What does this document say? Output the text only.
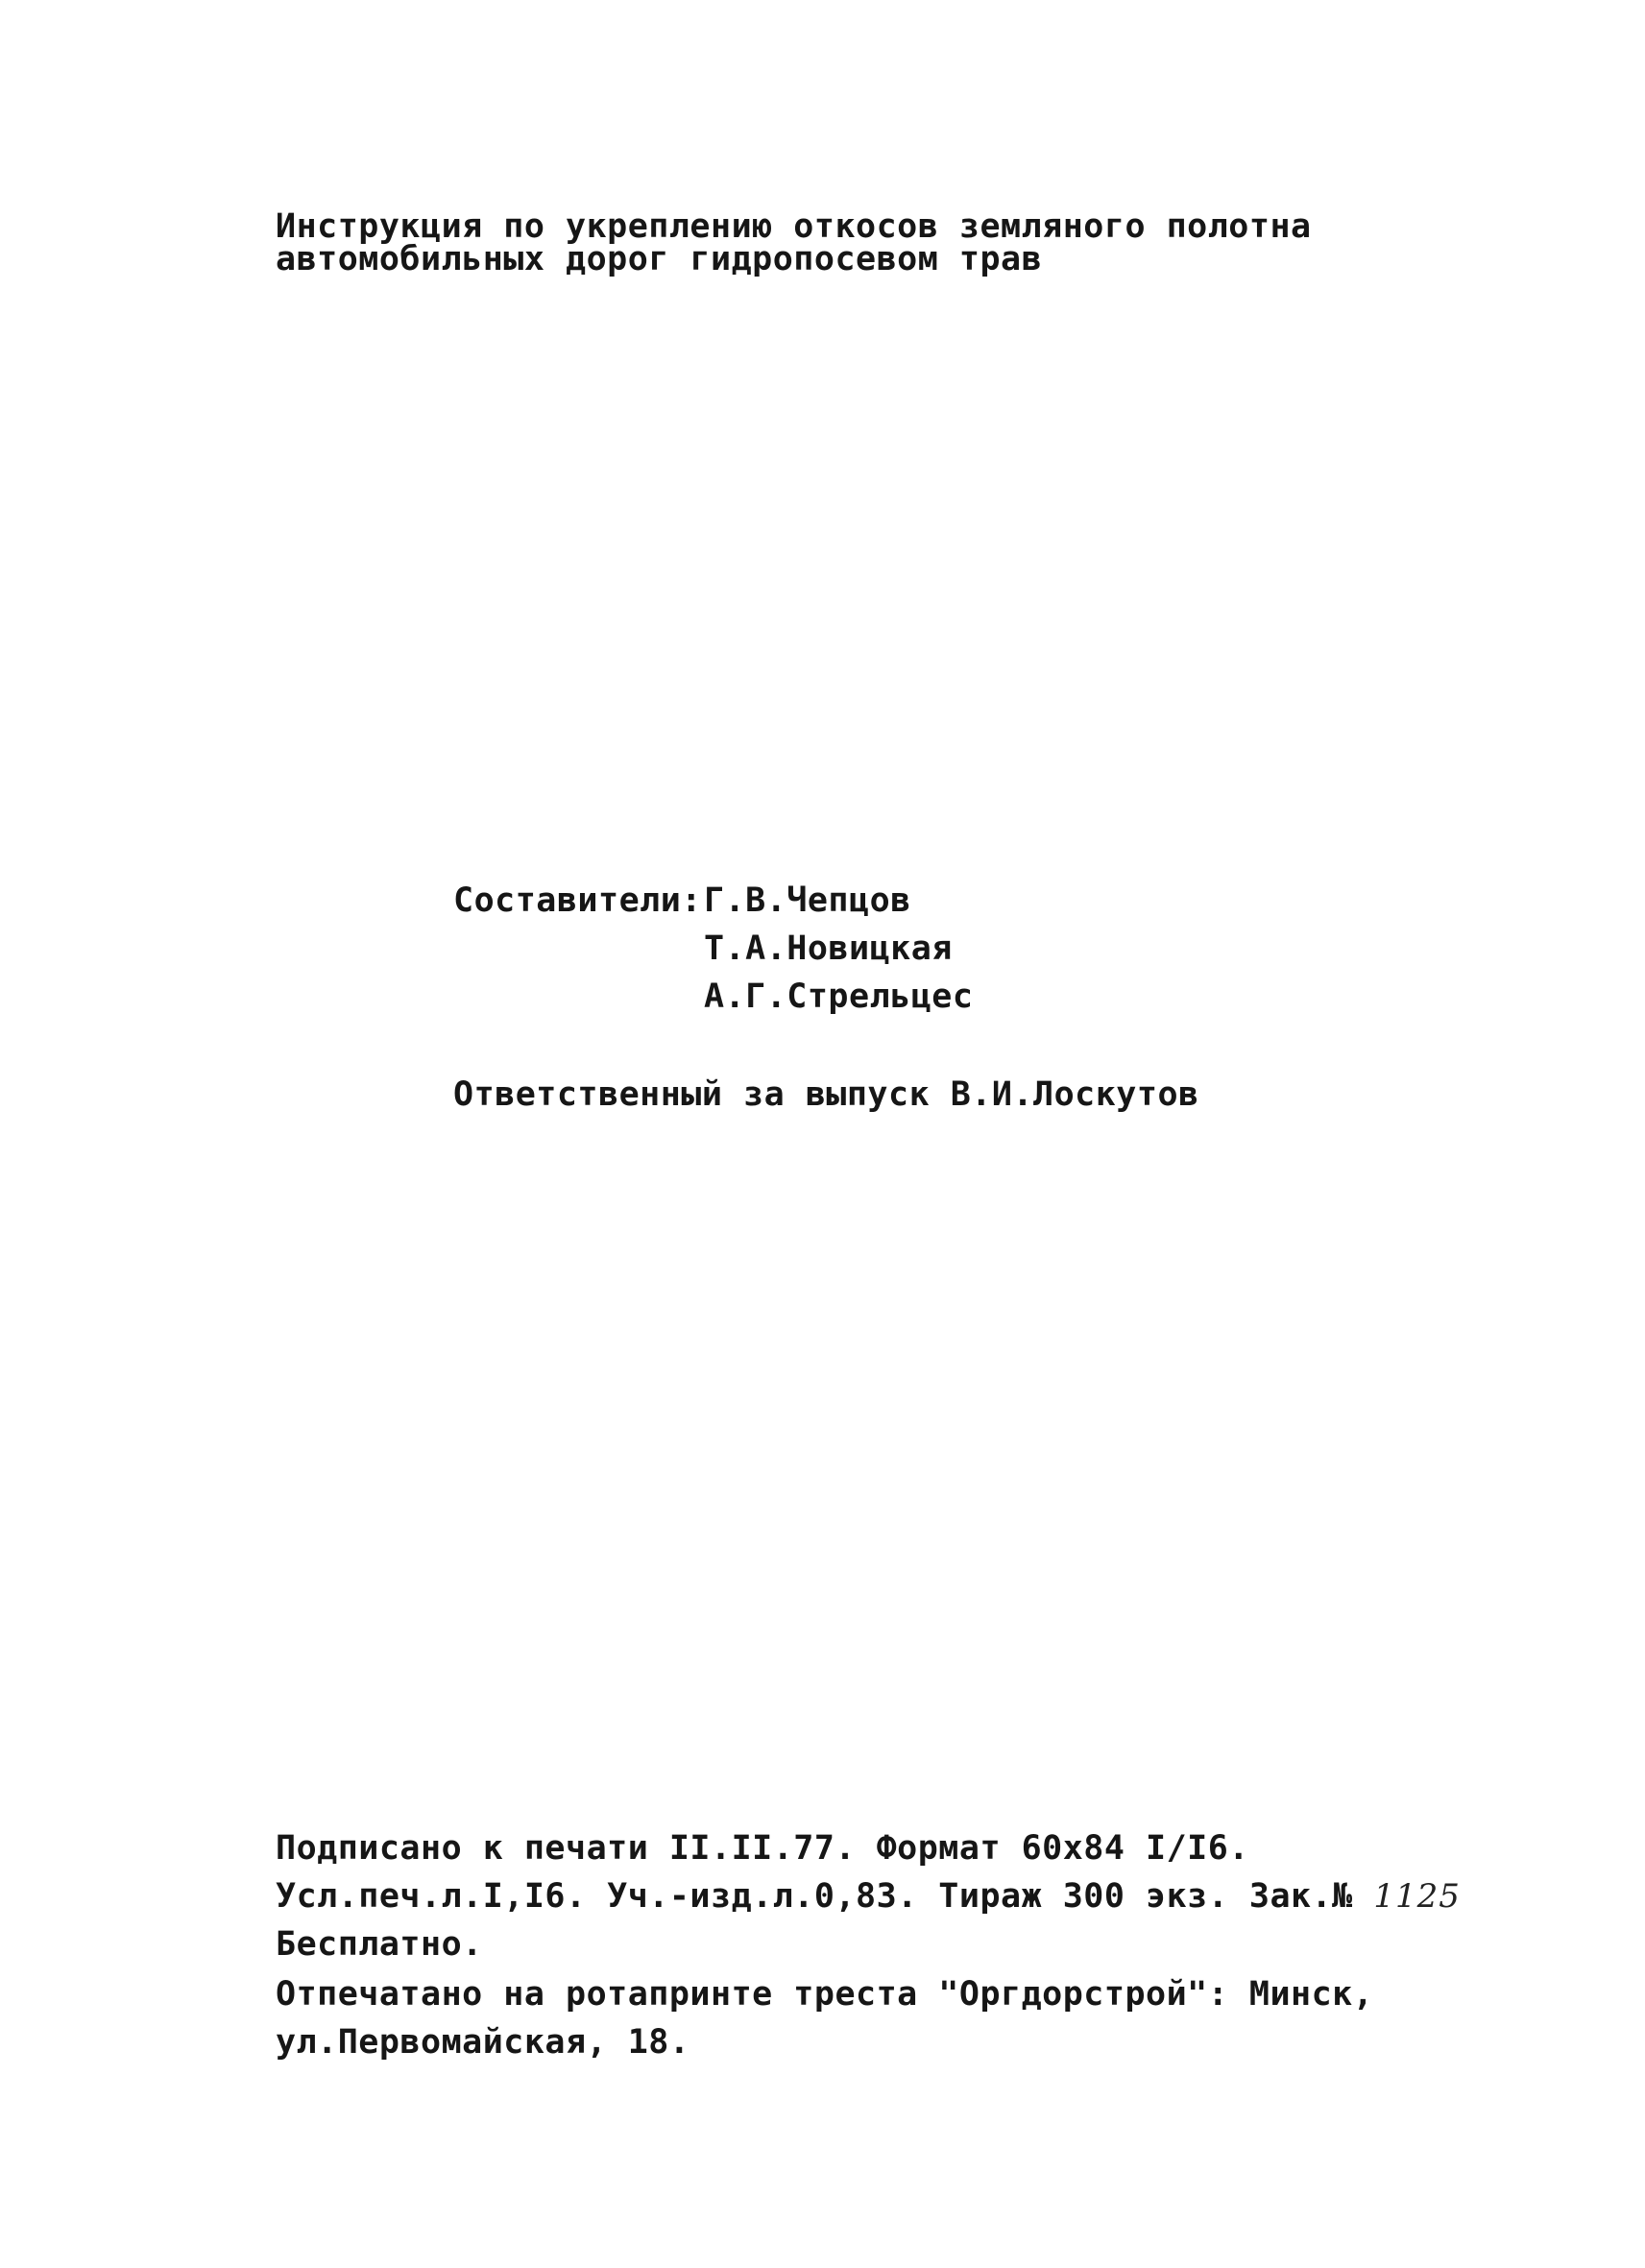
Инструкция по укреплению откосов земляного полотна
автомобильных дорог гидропосевом трав
Составители: Г.В.Чепцов
Т.А.Новицкая
А.Г.Стрельцес
Ответственный за выпуск В.И.Лоскутов
Подписано к печати II.II.77. Формат 60х84 I/I6.
Усл.печ.л.I,I6. Уч.-изд.л.0,83. Тираж 300 экз. Зак.№ 1125
Бесплатно.
Отпечатано на ротапринте треста "Оргдорстрой": Минск,
ул.Первомайская, 18.
